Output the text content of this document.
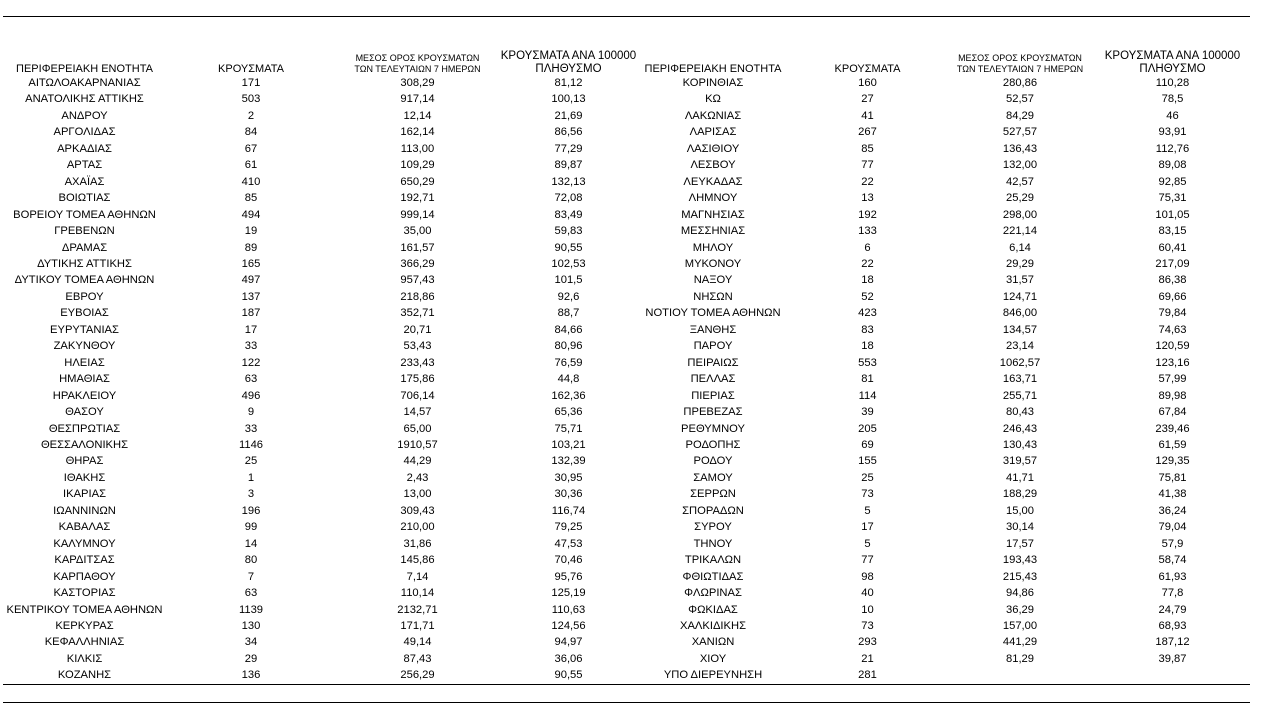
ΠΕΡΙΦΕΡΕΙΑΚΗ ΕΝΟΤΗΤΑ	ΚΡΟΥΣΜΑΤΑ	ΜΕΣΟΣ ΟΡΟΣ ΚΡΟΥΣΜΑΤΩΝ
ΤΩΝ ΤΕΛΕΥΤΑΙΩΝ 7 ΗΜΕΡΩΝ	ΚΡΟΥΣΜΑΤΑ ΑΝΑ 100000
ΠΛΗΘΥΣΜΟ
ΑΙΤΩΛΟΑΚΑΡΝΑΝΙΑΣ	171	308,29	81,12
ΑΝΑΤΟΛΙΚΗΣ ΑΤΤΙΚΗΣ	503	917,14	100,13
ΑΝΔΡΟΥ	2	12,14	21,69
ΑΡΓΟΛΙΔΑΣ	84	162,14	86,56
ΑΡΚΑΔΙΑΣ	67	113,00	77,29
ΑΡΤΑΣ	61	109,29	89,87
ΑΧΑΪΑΣ	410	650,29	132,13
ΒΟΙΩΤΙΑΣ	85	192,71	72,08
ΒΟΡΕΙΟΥ ΤΟΜΕΑ ΑΘΗΝΩΝ	494	999,14	83,49
ΓΡΕΒΕΝΩΝ	19	35,00	59,83
ΔΡΑΜΑΣ	89	161,57	90,55
ΔΥΤΙΚΗΣ ΑΤΤΙΚΗΣ	165	366,29	102,53
ΔΥΤΙΚΟΥ ΤΟΜΕΑ ΑΘΗΝΩΝ	497	957,43	101,5
ΕΒΡΟΥ	137	218,86	92,6
ΕΥΒΟΙΑΣ	187	352,71	88,7
ΕΥΡΥΤΑΝΙΑΣ	17	20,71	84,66
ΖΑΚΥΝΘΟΥ	33	53,43	80,96
ΗΛΕΙΑΣ	122	233,43	76,59
ΗΜΑΘΙΑΣ	63	175,86	44,8
ΗΡΑΚΛΕΙΟΥ	496	706,14	162,36
ΘΑΣΟΥ	9	14,57	65,36
ΘΕΣΠΡΩΤΙΑΣ	33	65,00	75,71
ΘΕΣΣΑΛΟΝΙΚΗΣ	1146	1910,57	103,21
ΘΗΡΑΣ	25	44,29	132,39
ΙΘΑΚΗΣ	1	2,43	30,95
ΙΚΑΡΙΑΣ	3	13,00	30,36
ΙΩΑΝΝΙΝΩΝ	196	309,43	116,74
ΚΑΒΑΛΑΣ	99	210,00	79,25
ΚΑΛΥΜΝΟΥ	14	31,86	47,53
ΚΑΡΔΙΤΣΑΣ	80	145,86	70,46
ΚΑΡΠΑΘΟΥ	7	7,14	95,76
ΚΑΣΤΟΡΙΑΣ	63	110,14	125,19
ΚΕΝΤΡΙΚΟΥ ΤΟΜΕΑ ΑΘΗΝΩΝ	1139	2132,71	110,63
ΚΕΡΚΥΡΑΣ	130	171,71	124,56
ΚΕΦΑΛΛΗΝΙΑΣ	34	49,14	94,97
ΚΙΛΚΙΣ	29	87,43	36,06
ΚΟΖΑΝΗΣ	136	256,29	90,55
ΠΕΡΙΦΕΡΕΙΑΚΗ ΕΝΟΤΗΤΑ	ΚΡΟΥΣΜΑΤΑ	ΜΕΣΟΣ ΟΡΟΣ ΚΡΟΥΣΜΑΤΩΝ
ΤΩΝ ΤΕΛΕΥΤΑΙΩΝ 7 ΗΜΕΡΩΝ	ΚΡΟΥΣΜΑΤΑ ΑΝΑ 100000
ΠΛΗΘΥΣΜΟ
ΚΟΡΙΝΘΙΑΣ	160	280,86	110,28
ΚΩ	27	52,57	78,5
ΛΑΚΩΝΙΑΣ	41	84,29	46
ΛΑΡΙΣΑΣ	267	527,57	93,91
ΛΑΣΙΘΙΟΥ	85	136,43	112,76
ΛΕΣΒΟΥ	77	132,00	89,08
ΛΕΥΚΑΔΑΣ	22	42,57	92,85
ΛΗΜΝΟΥ	13	25,29	75,31
ΜΑΓΝΗΣΙΑΣ	192	298,00	101,05
ΜΕΣΣΗΝΙΑΣ	133	221,14	83,15
ΜΗΛΟΥ	6	6,14	60,41
ΜΥΚΟΝΟΥ	22	29,29	217,09
ΝΑΞΟΥ	18	31,57	86,38
ΝΗΣΩΝ	52	124,71	69,66
ΝΟΤΙΟΥ ΤΟΜΕΑ ΑΘΗΝΩΝ	423	846,00	79,84
ΞΑΝΘΗΣ	83	134,57	74,63
ΠΑΡΟΥ	18	23,14	120,59
ΠΕΙΡΑΙΩΣ	553	1062,57	123,16
ΠΕΛΛΑΣ	81	163,71	57,99
ΠΙΕΡΙΑΣ	114	255,71	89,98
ΠΡΕΒΕΖΑΣ	39	80,43	67,84
ΡΕΘΥΜΝΟΥ	205	246,43	239,46
ΡΟΔΟΠΗΣ	69	130,43	61,59
ΡΟΔΟΥ	155	319,57	129,35
ΣΑΜΟΥ	25	41,71	75,81
ΣΕΡΡΩΝ	73	188,29	41,38
ΣΠΟΡΑΔΩΝ	5	15,00	36,24
ΣΥΡΟΥ	17	30,14	79,04
ΤΗΝΟΥ	5	17,57	57,9
ΤΡΙΚΑΛΩΝ	77	193,43	58,74
ΦΘΙΩΤΙΔΑΣ	98	215,43	61,93
ΦΛΩΡΙΝΑΣ	40	94,86	77,8
ΦΩΚΙΔΑΣ	10	36,29	24,79
ΧΑΛΚΙΔΙΚΗΣ	73	157,00	68,93
ΧΑΝΙΩΝ	293	441,29	187,12
ΧΙΟΥ	21	81,29	39,87
ΥΠΟ ΔΙΕΡΕΥΝΗΣΗ	281		
